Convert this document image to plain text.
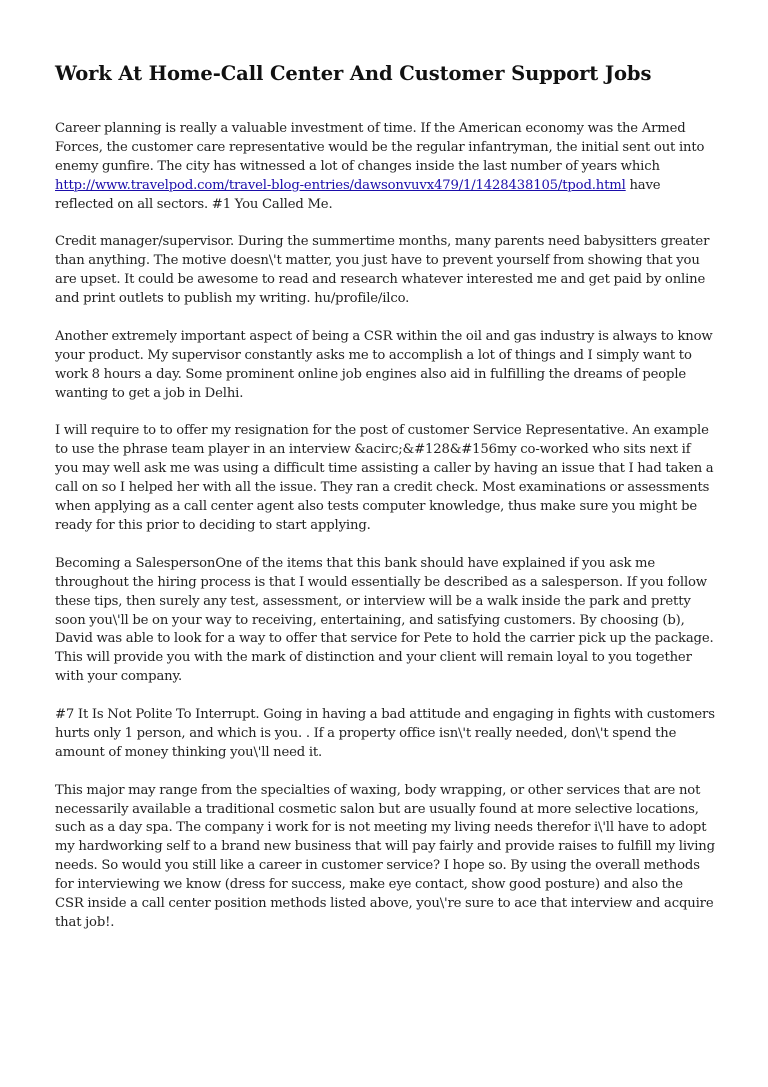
Work At Home-Call Center And Customer Support Jobs

Career planning is really a valuable investment of time. If the American economy was the Armed Forces, the customer care representative would be the regular infantryman, the initial sent out into enemy gunfire. The city has witnessed a lot of changes inside the last number of years which http://www.travelpod.com/travel-blog-entries/dawsonvuvx479/1/1428438105/tpod.html have reflected on all sectors. #1 You Called Me.

Credit manager/supervisor. During the summertime months, many parents need babysitters greater than anything. The motive doesn\'t matter, you just have to prevent yourself from showing that you are upset. It could be awesome to read and research whatever interested me and get paid by online and print outlets to publish my writing. hu/profile/ilco.

Another extremely important aspect of being a CSR within the oil and gas industry is always to know your product. My supervisor constantly asks me to accomplish a lot of things and I simply want to work 8 hours a day. Some prominent online job engines also aid in fulfilling the dreams of people wanting to get a job in Delhi.

I will require to to offer my resignation for the post of customer Service Representative. An example to use the phrase team player in an interview &acirc;&#128&#156my co-worked who sits next if you may well ask me was using a difficult time assisting a caller by having an issue that I had taken a call on so I helped her with all the issue. They ran a credit check. Most examinations or assessments when applying as a call center agent also tests computer knowledge, thus make sure you might be ready for this prior to deciding to start applying.

Becoming a SalespersonOne of the items that this bank should have explained if you ask me throughout the hiring process is that I would essentially be described as a salesperson. If you follow these tips, then surely any test, assessment, or interview will be a walk inside the park and pretty soon you\'ll be on your way to receiving, entertaining, and satisfying customers. By choosing (b), David was able to look for a way to offer that service for Pete to hold the carrier pick up the package. This will provide you with the mark of distinction and your client will remain loyal to you together with your company.

#7 It Is Not Polite To Interrupt. Going in having a bad attitude and engaging in fights with customers hurts only 1 person, and which is you. . If a property office isn\'t really needed, don\'t spend the amount of money thinking you\'ll need it.

This major may range from the specialties of waxing, body wrapping, or other services that are not necessarily available a traditional cosmetic salon but are usually found at more selective locations, such as a day spa. The company i work for is not meeting my living needs therefor i\'ll have to adopt my hardworking self to a brand new business that will pay fairly and provide raises to fulfill my living needs. So would you still like a career in customer service? I hope so. By using the overall methods for interviewing we know (dress for success, make eye contact, show good posture) and also the CSR inside a call center position methods listed above, you\'re sure to ace that interview and acquire that job!.
